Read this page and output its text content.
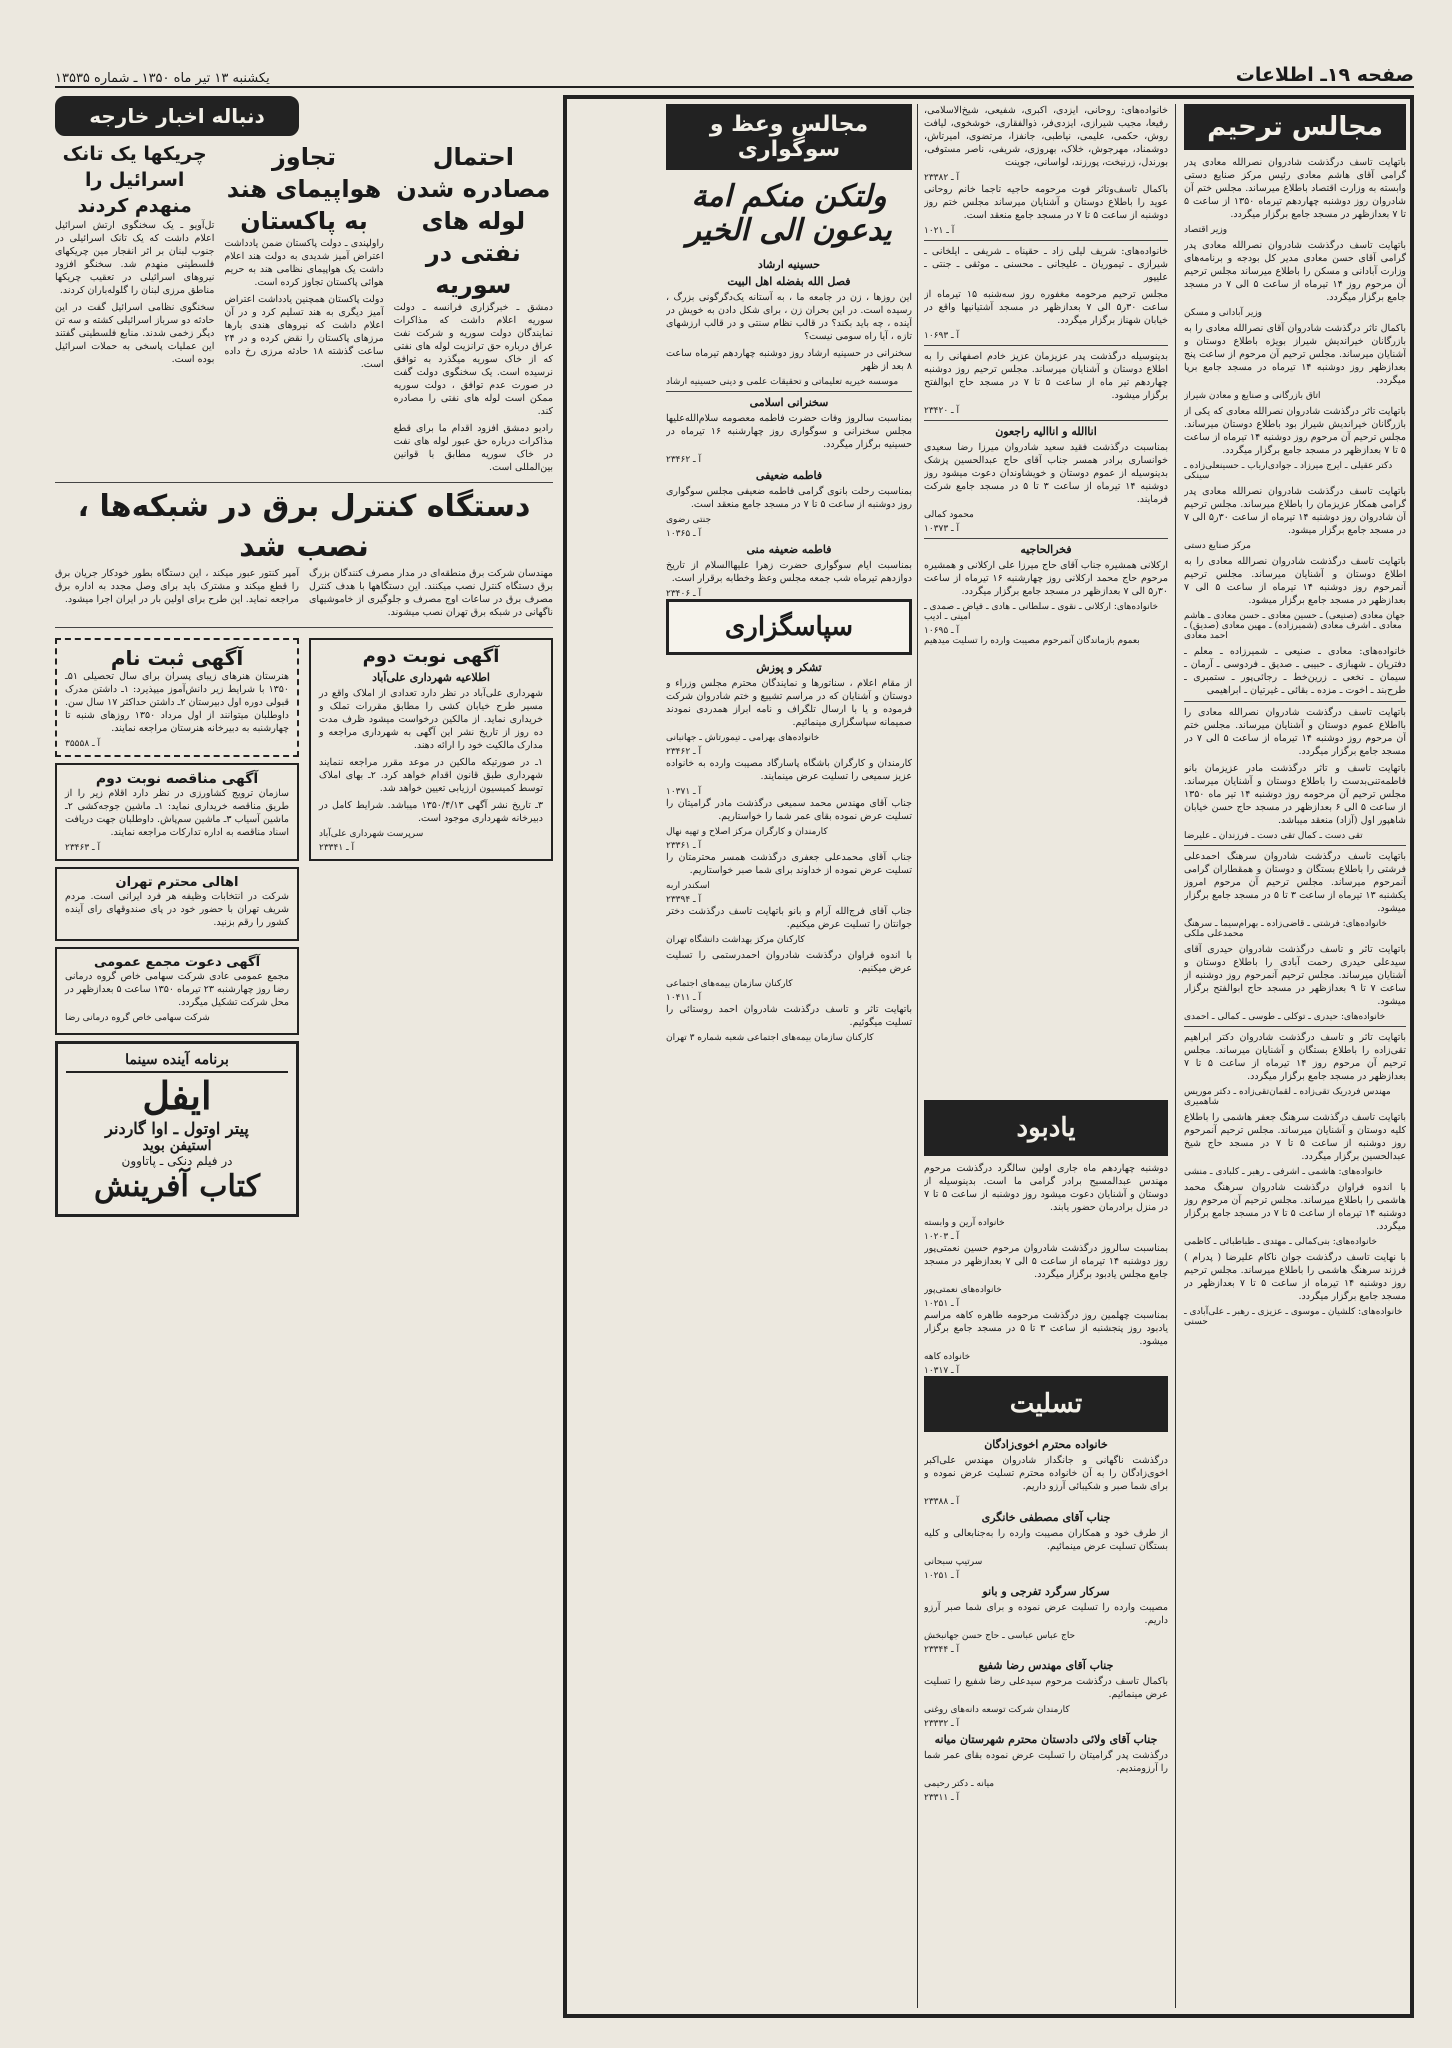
صفحه ۱۹ـ اطلاعات
یکشنبه ۱۳ تیر ماه ۱۳۵۰ ـ شماره ۱۳۵۳۵
مجالس ترحیم

باتهایت تاسف درگذشت شادروان نصرالله معادی پدر گرامی آقای هاشم معادی رئیس مرکز صنایع دستی وابسته به وزارت اقتصاد باطلاع میرساند. مجلس ختم آن شادروان روز دوشنبه چهاردهم تیرماه ۱۳۵۰ از ساعت ۵ تا ۷ بعدازظهر در مسجد جامع برگزار میگردد.

وزیر اقتصاد

باتهایت تاسف درگذشت شادروان نصرالله معادی پدر گرامی آقای حسن معادی مدیر کل بودجه و برنامه‌های وزارت آبادانی و مسکن را باطلاع میرساند مجلس ترحیم آن مرحوم روز ۱۴ تیرماه از ساعت ۵ الی ۷ در مسجد جامع برگزار میگردد.

وزیر آبادانی و مسکن

باکمال تاثر درگذشت شادروان آقای نصرالله معادی را به بازرگانان خیراندیش شیراز بویژه باطلاع دوستان و آشنایان میرساند. مجلس ترحیم آن مرحوم از ساعت پنج بعدازظهر روز دوشنبه ۱۴ تیرماه در مسجد جامع برپا میگردد.

اتاق بازرگانی و صنایع و معادن شیراز

باتهایت تاثر درگذشت شادروان نصرالله معادی که یکی از بازرگانان خیراندیش شیراز بود باطلاع دوستان میرساند. مجلس ترحیم آن مرحوم روز دوشنبه ۱۴ تیرماه از ساعت ۵ تا ۷ بعدازظهر در مسجد جامع برگزار میگردد.

دکتر عقیلی ـ ایرج میرزاد ـ جوادی‌ارباب ـ حسینعلی‌زاده ـ سینکی

باتهایت تاسف درگذشت شادروان نصرالله معادی پدر گرامی همکار عزیزمان را باطلاع میرساند. مجلس ترحیم آن شادروان روز دوشنبه ۱۴ تیرماه از ساعت ۳۰ر۵ الی ۷ در مسجد جامع برگزار میشود.

مرکز صنایع دستی

باتهایت تاسف درگذشت شادروان نصرالله معادی را به اطلاع دوستان و آشنایان میرساند. مجلس ترحیم آنمرحوم روز دوشنبه ۱۴ تیرماه از ساعت ۵ الی ۷ بعدازظهر در مسجد جامع برگزار میشود.

جهان معادی (صنیعی) ـ حسین معادی ـ حسن معادی ـ هاشم معادی ـ اشرف معادی (شمیرزاده) ـ مهین معادی (صدیق) ـ احمد معادی

خانواده‌های: معادی ـ صنیعی ـ شمیرزاده ـ معلم ـ دفتریان ـ شهبازی ـ حبیبی ـ صدیق ـ فردوسی ـ آرمان ـ سیمان ـ نخعی ـ زرین‌خط ـ رجائی‌پور ـ ستمبری ـ طرح‌بند ـ اخوت ـ مزده ـ بقائی ـ غیرتیان ـ ابراهیمی

باتهایت تاسف درگذشت شادروان نصرالله معادی را بااطلاع عموم دوستان و آشنایان میرساند. مجلس ختم آن مرحوم روز دوشنبه ۱۴ تیرماه از ساعت ۵ الی ۷ در مسجد جامع برگزار میگردد.

باتهایت تاسف و تاثر درگذشت مادر عزیزمان بانو فاطمه‌تنی‌بدست را باطلاع دوستان و آشنایان میرساند. مجلس ترحیم آن مرحومه روز دوشنبه ۱۴ تیر ماه ۱۳۵۰ از ساعت ۵ الی ۶ بعدازظهر در مسجد حاج حسن خیابان شاهپور اول (آزاد) منعقد میباشد.

تقی دست ـ کمال تقی دست ـ فرزندان ـ علیرضا

باتهایت تاسف درگذشت شادروان سرهنگ احمدعلی فرشتی را باطلاع بستگان و دوستان و همقطاران گرامی آنمرحوم میرساند. مجلس ترحیم آن مرحوم امروز یکشنبه ۱۳ تیرماه از ساعت ۳ تا ۵ در مسجد جامع برگزار میشود.

خانواده‌های: فرشتی ـ قاضی‌زاده ـ بهرام‌سیما ـ سرهنگ محمدعلی ملکی

باتهایت تاثر و تاسف درگذشت شادروان حیدری آقای سیدعلی حیدری رحمت آبادی را باطلاع دوستان و آشنایان میرساند. مجلس ترحیم آنمرحوم روز دوشنبه از ساعت ۷ تا ۹ بعدازظهر در مسجد حاج ابوالفتح برگزار میشود.

خانواده‌های: حیدری ـ توکلی ـ طوسی ـ کمالی ـ احمدی

باتهایت تاثر و تاسف درگذشت شادروان دکتر ابراهیم تقی‌زاده را باطلاع بستگان و آشنایان میرساند. مجلس ترحیم آن مرحوم روز ۱۴ تیرماه از ساعت ۵ تا ۷ بعدازظهر در مسجد جامع برگزار میگردد.

مهندس فردریک تقی‌زاده ـ لقمان‌تقی‌زاده ـ دکتر موریس شاهمیری

باتهایت تاسف درگذشت سرهنگ جعفر هاشمی را باطلاع کلیه دوستان و آشنایان میرساند. مجلس ترحیم آنمرحوم روز دوشنبه از ساعت ۵ تا ۷ در مسجد حاج شیخ عبدالحسین برگزار میگردد.

خانواده‌های: هاشمی ـ اشرفی ـ رهبر ـ کلبادی ـ منشی

با اندوه فراوان درگذشت شادروان سرهنگ محمد هاشمی را باطلاع میرساند. مجلس ترحیم آن مرحوم روز دوشنبه ۱۴ تیرماه از ساعت ۵ تا ۷ در مسجد جامع برگزار میگردد.

خانواده‌های: بنی‌کمالی ـ مهتدی ـ طباطبائی ـ کاظمی

با نهایت تاسف درگذشت جوان ناکام علیرضا ( پدرام ) فرزند سرهنگ هاشمی را باطلاع میرساند. مجلس ترحیم روز دوشنبه ۱۴ تیرماه از ساعت ۵ تا ۷ بعدازظهر در مسجد جامع برگزار میگردد.

خانواده‌های: کلشیان ـ موسوی ـ عزیزی ـ رهبر ـ علی‌آبادی ـ حسنی

خانواده‌های: روحانی، ایزدی، اکبری، شفیعی، شیخ‌الاسلامی، رفیعا، مجیب شیرازی، ایزدی‌فر، ذوالفقاری، خوشخوی، لیافت روش، حکمی، علیمی، نیاطبی، جانفزا، مرتضوی، امیرتاش، دوشمناد، مهرجوش، خلاک، بهروزی، شریفی، ناصر مستوفی، بورندل، زرنیخت، پورزند، لواسانی، جوینت

آ ـ ۲۳۳۸۲

باکمال تاسف‌وتاثر فوت مرحومه حاجیه تاجما خانم روحانی عوید را باطلاع دوستان و آشنایان میرساند مجلس ختم روز دوشنبه از ساعت ۵ تا ۷ در مسجد جامع منعقد است.

آ ـ ۱۰۲۱

خانواده‌های: شریف لیلی زاد ـ حقپناه ـ شریفی ـ ایلخانی ـ شیرازی ـ تیموریان ـ علیجانی ـ محسنی ـ موثقی ـ جنتی ـ علیپور

مجلس ترحیم مرحومه مغفوره روز سه‌شنبه ۱۵ تیرماه از ساعت ۳۰ر۵ الی ۷ بعدازظهر در مسجد آشتیانیها واقع در خیابان شهناز برگزار میگردد.

آ ـ ۱۰۶۹۳

بدینوسیله درگذشت پدر عزیزمان عزیز خادم اصفهانی را به اطلاع دوستان و آشنایان میرساند. مجلس ترحیم روز دوشنبه چهاردهم تیر ماه از ساعت ۵ تا ۷ در مسجد حاج ابوالفتح برگزار میشود.

آ ـ ۲۳۴۲۰
اناالله و انااليه راجعون

بمناسبت درگذشت فقید سعید شادروان میرزا رضا سعیدی خوانساری برادر همسر جناب آقای حاج عبدالحسین پزشک بدینوسیله از عموم دوستان و خویشاوندان دعوت میشود روز دوشنبه ۱۴ تیرماه از ساعت ۳ تا ۵ در مسجد جامع شرکت فرمایند.

محمود کمالی
آ ـ ۱۰۳۷۳
فخرالحاجیه

ارکلانی همشیره جناب آقای حاج میرزا علی ارکلانی و همشیره مرحوم حاج محمد ارکلانی روز چهارشنبه ۱۶ تیرماه از ساعت ۳۰ر۵ الی ۷ بعدازظهر در مسجد جامع برگزار میگردد.

خانواده‌های: ارکلانی ـ نقوی ـ سلطانی ـ هادی ـ فیاض ـ صمدی ـ امینی ـ ادیب
آ ـ ۱۰۶۹۵
بعموم بازماندگان آنمرحوم مصیبت وارده را تسلیت میدهیم
مجالس وعظ و سوگواری
ولتکن منکم امة یدعون الی الخیر
حسینیه ارشاد
فصل الله بفضله اهل البیت

این روزها ، زن در جامعه ما ، به آستانه یک‌دگرگونی بزرگ ، رسیده است. در این بحران زن ، برای شکل دادن به خویش در آینده ، چه باید بکند؟ در قالب نظام سنتی و در قالب ارزشهای تازه ، آیا راه سومی نیست؟

سخنرانی در حسینیه ارشاد روز دوشنبه چهاردهم تیرماه ساعت ۸ بعد از ظهر

موسسه خیریه تعلیماتی و تحقیقات علمی و دینی حسینیه ارشاد
سخنرانی اسلامی

بمناسبت سالروز وفات حضرت فاطمه معصومه سلام‌الله‌علیها مجلس سخنرانی و سوگواری روز چهارشنبه ۱۶ تیرماه در حسینیه برگزار میگردد.

آ ـ ۲۳۴۶۲
فاطمه ضعیفی

بمناسبت رحلت بانوی گرامی فاطمه ضعیفی مجلس سوگواری روز دوشنبه از ساعت ۵ تا ۷ در مسجد جامع منعقد است.

جنتی رضوی
آ ـ ۱۰۳۶۵
فاطمه ضعیفه منی

بمناسبت ایام سوگواری حضرت زهرا علیهاالسلام از تاریخ دوازدهم تیرماه شب جمعه مجلس وعظ وخطابه برقرار است.

آ ـ ۲۳۴۰۶
سپاسگزاری
تشکر و پوزش

از مقام اعلام ، سناتورها و نمایندگان محترم مجلس وزراء و دوستان و آشنایان که در مراسم تشییع و ختم شادروان شرکت فرموده و یا با ارسال تلگراف و نامه ابراز همدردی نمودند صمیمانه سپاسگزاری مینمائیم.

خانواده‌های بهرامی ـ تیمورتاش ـ جهانبانی
آ ـ ۲۳۴۶۲

کارمندان و کارگران باشگاه پاسارگاد مصیبت وارده به خانواده عزیز سمیعی را تسلیت عرض مینمایند.

آ ـ ۱۰۳۷۱

جناب آقای مهندس محمد سمیعی درگذشت مادر گرامیتان را تسلیت عرض نموده بقای عمر شما را خواستاریم.

کارمندان و کارگران مرکز اصلاح و تهیه نهال
آ ـ ۲۳۳۶۱

جناب آقای محمدعلی جعفری درگذشت همسر محترمتان را تسلیت عرض نموده از خداوند برای شما صبر خواستاریم.

اسکندر اربه
آ ـ ۲۳۳۹۴

جناب آقای فرج‌الله آرام و بانو باتهایت تاسف درگذشت دختر جوانتان را تسلیت عرض میکنیم.

کارکنان مرکز بهداشت دانشگاه تهران

با اندوه فراوان درگذشت شادروان احمدرستمی را تسلیت عرض میکنیم.

کارکنان سازمان بیمه‌های اجتماعی
آ ـ ۱۰۴۱۱

باتهایت تاثر و تاسف درگذشت شادروان احمد روستائی را تسلیت میگوئیم.

کارکنان سازمان بیمه‌های اجتماعی شعبه شماره ۳ تهران
یادبود

دوشنبه چهاردهم ماه جاری اولین سالگرد درگذشت مرحوم مهندس عبدالمسیح برادر گرامی ما است. بدینوسیله از دوستان و آشنایان دعوت میشود روز دوشنبه از ساعت ۵ تا ۷ در منزل برادرمان حضور یابند.

خانواده آرین و وابسته
آ ـ ۱۰۲۰۳

بمناسبت سالروز درگذشت شادروان مرحوم حسین نعمتی‌پور روز دوشنبه ۱۴ تیرماه از ساعت ۵ الی ۷ بعدازظهر در مسجد جامع مجلس یادبود برگزار میگردد.

خانواده‌های نعمتی‌پور
آ ـ ۱۰۲۵۱

بمناسبت چهلمین روز درگذشت مرحومه طاهره کاهه مراسم یادبود روز پنجشنبه از ساعت ۳ تا ۵ در مسجد جامع برگزار میشود.

خانواده کاهه
آ ـ ۱۰۳۱۷
تسلیت
خانواده محترم اخوی‌زادگان

درگذشت ناگهانی و جانگداز شادروان مهندس علی‌اکبر اخوی‌زادگان را به آن خانواده محترم تسلیت عرض نموده و برای شما صبر و شکیبائی آرزو داریم.

آ ـ ۲۳۳۸۸
جناب آقای مصطفی خانگری

از طرف خود و همکاران مصیبت وارده را به‌جنابعالی و کلیه بستگان تسلیت عرض مینمائیم.

سرتیپ سبحانی
آ ـ ۱۰۲۵۱
سرکار سرگرد تفرجی و بانو

مصیبت وارده را تسلیت عرض نموده و برای شما صبر آرزو داریم.

حاج عباس عباسی ـ حاج حسن جهانبخش
آ ـ ۲۳۳۴۴
جناب آقای مهندس رضا شفیع

باکمال تاسف درگذشت مرحوم سیدعلی رضا شفیع را تسلیت عرض مینمائیم.

کارمندان شرکت توسعه دانه‌های روغنی
آ ـ ۲۳۳۳۲
جناب آقای ولائی دادستان محترم شهرستان میانه

درگذشت پدر گرامیتان را تسلیت عرض نموده بقای عمر شما را آرزومندیم.

میانه ـ دکتر رحیمی
آ ـ ۲۳۳۱۱
دنباله اخبار خارجه
احتمال مصادره شدن لوله های نفتی در سوریه

دمشق ـ خبرگزاری فرانسه ـ دولت سوریه اعلام داشت که مذاکرات نمایندگان دولت سوریه و شرکت نفت عراق درباره حق ترانزیت لوله های نفتی که از خاک سوریه میگذرد به توافق نرسیده است. یک سخنگوی دولت گفت در صورت عدم توافق ، دولت سوریه ممکن است لوله های نفتی را مصادره کند.

رادیو دمشق افزود اقدام ما برای قطع مذاکرات درباره حق عبور لوله های نفت در خاک سوریه مطابق با قوانین بین‌المللی است.

تجاوز هواپیمای هند به پاکستان

راولپندی ـ دولت پاکستان ضمن یادداشت اعتراض آمیز شدیدی به دولت هند اعلام داشت یک هواپیمای نظامی هند به حریم هوائی پاکستان تجاوز کرده است.

دولت پاکستان همچنین یادداشت اعتراض آمیز دیگری به هند تسلیم کرد و در آن اعلام داشت که نیروهای هندی بارها مرزهای پاکستان را نقض کرده و در ۲۴ ساعت گذشته ۱۸ حادثه مرزی رخ داده است.

چریکها یک تانک اسرائیل را منهدم کردند

تل‌آویو ـ یک سخنگوی ارتش اسرائیل اعلام داشت که یک تانک اسرائیلی در جنوب لبنان بر اثر انفجار مین چریکهای فلسطینی منهدم شد. سخنگو افزود نیروهای اسرائیلی در تعقیب چریکها مناطق مرزی لبنان را گلوله‌باران کردند.

سخنگوی نظامی اسرائیل گفت در این حادثه دو سرباز اسرائیلی کشته و سه تن دیگر زخمی شدند. منابع فلسطینی گفتند این عملیات پاسخی به حملات اسرائیل بوده است.

دستگاه کنترل برق در شبکه‌ها ، نصب شد

مهندسان شرکت برق منطقه‌ای در مدار مصرف کنندگان بزرگ برق دستگاه کنترل نصب میکنند. این دستگاهها با هدف کنترل مصرف برق در ساعات اوج مصرف و جلوگیری از خاموشیهای ناگهانی در شبکه برق تهران نصب میشوند.

آمپر کنتور عبور میکند ، این دستگاه بطور خودکار جریان برق را قطع میکند و مشترک باید برای وصل مجدد به اداره برق مراجعه نماید. این طرح برای اولین بار در ایران اجرا میشود.

آگهی نوبت دوم
اطلاعیه شهرداری علی‌آباد

شهرداری علی‌آباد در نظر دارد تعدادی از املاک واقع در مسیر طرح خیابان کشی را مطابق مقررات تملک و خریداری نماید. از مالکین درخواست میشود ظرف مدت ده روز از تاریخ نشر این آگهی به شهرداری مراجعه و مدارک مالکیت خود را ارائه دهند.

۱ـ در صورتیکه مالکین در موعد مقرر مراجعه ننمایند شهرداری طبق قانون اقدام خواهد کرد. ۲ـ بهای املاک توسط کمیسیون ارزیابی تعیین خواهد شد.

۳ـ تاریخ نشر آگهی ۱۳۵۰/۴/۱۳ میباشد. شرایط کامل در دبیرخانه شهرداری موجود است.

سرپرست شهرداری علی‌آباد
آ ـ ۲۳۳۴۱
آگهی ثبت نام

هنرستان هنرهای زیبای پسران برای سال تحصیلی ۵۱ـ ۱۳۵۰ با شرایط زیر دانش‌آموز میپذیرد: ۱ـ داشتن مدرک قبولی دوره اول دبیرستان ۲ـ داشتن حداکثر ۱۷ سال سن. داوطلبان میتوانند از اول مرداد ۱۳۵۰ روزهای شنبه تا چهارشنبه به دبیرخانه هنرستان مراجعه نمایند.

آ ـ ۳۵۵۵۸
آگهی مناقصه نوبت دوم

سازمان ترویج کشاورزی در نظر دارد اقلام زیر را از طریق مناقصه خریداری نماید: ۱ـ ماشین جوجه‌کشی ۲ـ ماشین آسیاب ۳ـ ماشین سم‌پاش. داوطلبان جهت دریافت اسناد مناقصه به اداره تدارکات مراجعه نمایند.

آ ـ ۲۳۴۶۳
اهالی محترم تهران

شرکت در انتخابات وظیفه هر فرد ایرانی است. مردم شریف تهران با حضور خود در پای صندوقهای رای آینده کشور را رقم بزنید.

آگهی دعوت مجمع عمومی

مجمع عمومی عادی شرکت سهامی خاص گروه درمانی رضا روز چهارشنبه ۲۳ تیرماه ۱۳۵۰ ساعت ۵ بعدازظهر در محل شرکت تشکیل میگردد.

شرکت سهامی خاص گروه درمانی رضا
برنامه آینده سینما
ایفل
پیتر اوتول ـ اوا گاردنر
استیفن بوید
در فیلم دنکی ـ پاتاوون
کتاب آفرینش
